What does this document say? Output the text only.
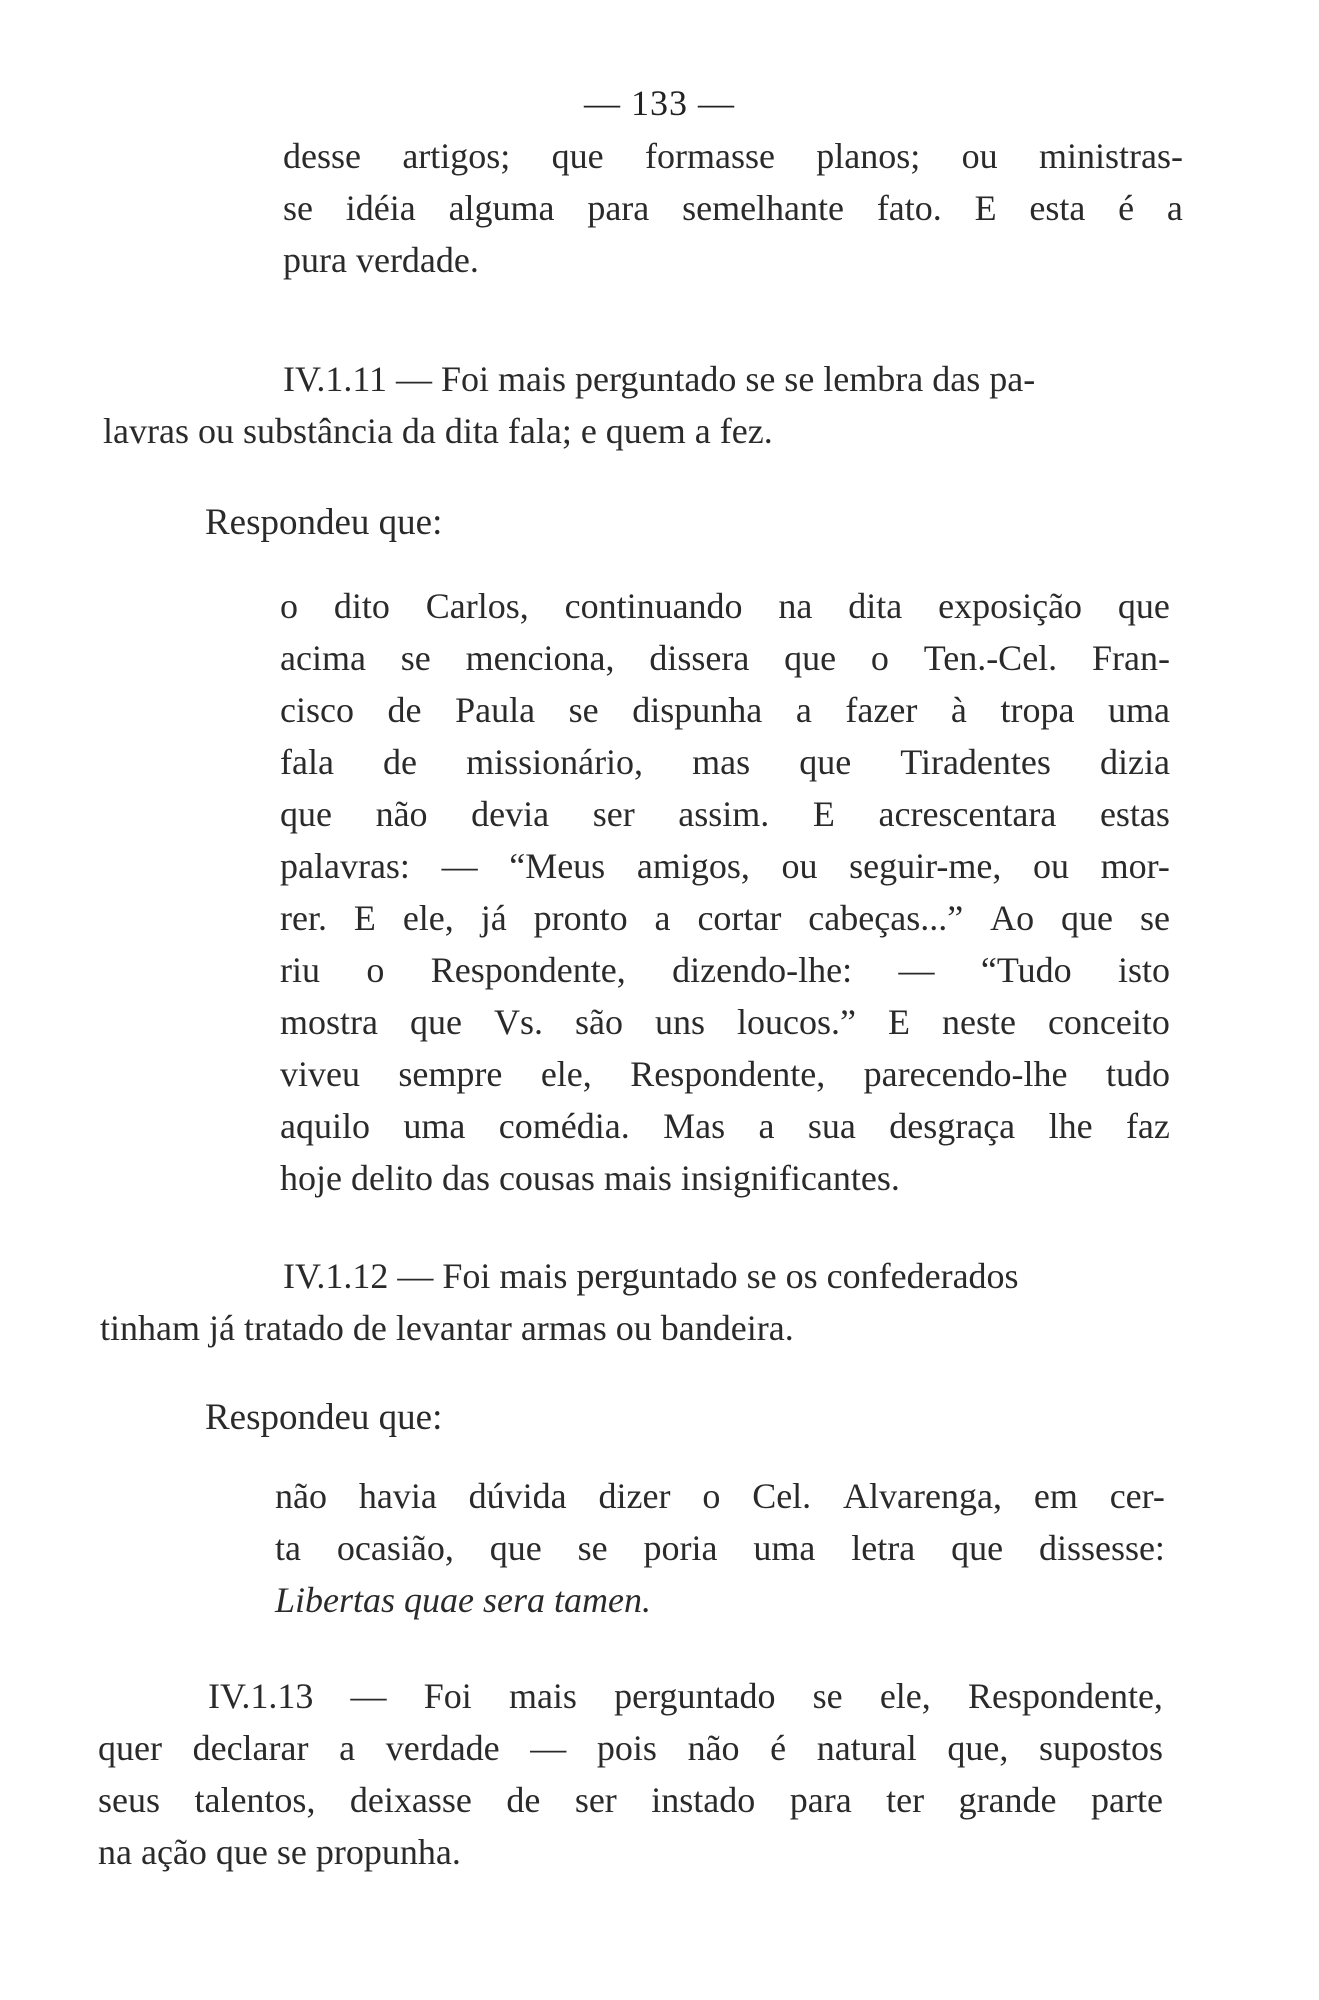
— 133 —
desse artigos; que formasse planos; ou ministras-
se idéia alguma para semelhante fato. E esta é a
pura verdade.
IV.1.11 — Foi mais perguntado se se lembra das pa-
lavras ou substância da dita fala; e quem a fez.
Respondeu que:
o dito Carlos, continuando na dita exposição que
acima se menciona, dissera que o Ten.-Cel. Fran-
cisco de Paula se dispunha a fazer à tropa uma
fala de missionário, mas que Tiradentes dizia
que não devia ser assim. E acrescentara estas
palavras: — “Meus amigos, ou seguir-me, ou mor-
rer. E ele, já pronto a cortar cabeças...” Ao que se
riu o Respondente, dizendo-lhe: — “Tudo isto
mostra que Vs. são uns loucos.” E neste conceito
viveu sempre ele, Respondente, parecendo-lhe tudo
aquilo uma comédia. Mas a sua desgraça lhe faz
hoje delito das cousas mais insignificantes.
IV.1.12 — Foi mais perguntado se os confederados
tinham já tratado de levantar armas ou bandeira.
Respondeu que:
não havia dúvida dizer o Cel. Alvarenga, em cer-
ta ocasião, que se poria uma letra que dissesse:
Libertas quae sera tamen.
IV.1.13 — Foi mais perguntado se ele, Respondente,
quer declarar a verdade — pois não é natural que, supostos
seus talentos, deixasse de ser instado para ter grande parte
na ação que se propunha.
